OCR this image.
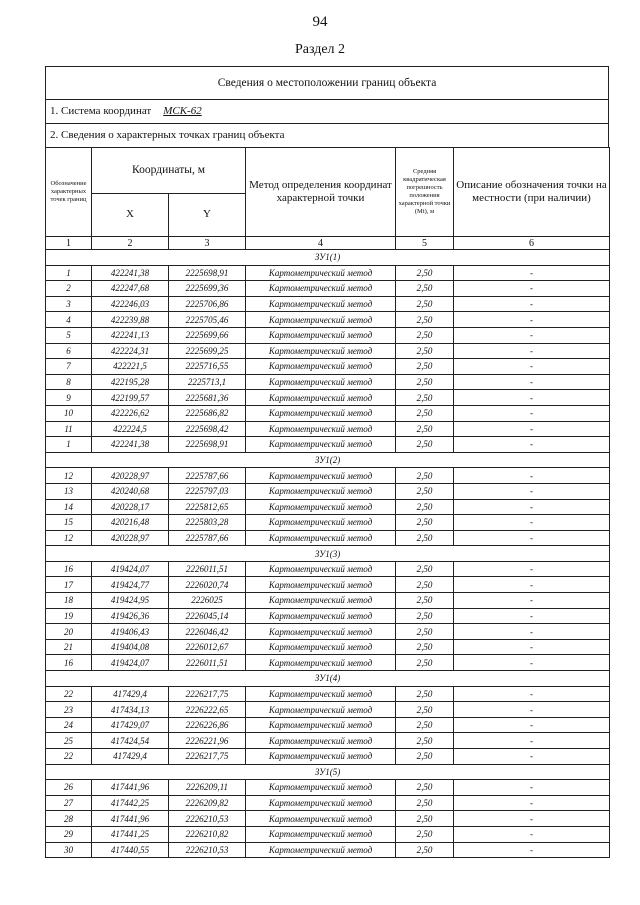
94
Раздел 2
Сведения о местоположении границ объекта
1. Система координат МСК-62
2. Сведения о характерных точках границ объекта
Обозначение характерных точек границ	Координаты, м		Метод определения координат характерной точки	Средняя квадратическая погрешность положения характерной точки (Мt), м	Описание обозначения точки на местности (при наличии)
	X	Y			
1	2	3	4	5	6
ЗУ1(1)					
1	422241,38	2225698,91	Картометрический метод	2,50	-
2	422247,68	2225699,36	Картометрический метод	2,50	-
3	422246,03	2225706,86	Картометрический метод	2,50	-
4	422239,88	2225705,46	Картометрический метод	2,50	-
5	422241,13	2225699,66	Картометрический метод	2,50	-
6	422224,31	2225699,25	Картометрический метод	2,50	-
7	422221,5	2225716,55	Картометрический метод	2,50	-
8	422195,28	2225713,1	Картометрический метод	2,50	-
9	422199,57	2225681,36	Картометрический метод	2,50	-
10	422226,62	2225686,82	Картометрический метод	2,50	-
11	422224,5	2225698,42	Картометрический метод	2,50	-
1	422241,38	2225698,91	Картометрический метод	2,50	-
ЗУ1(2)					
12	420228,97	2225787,66	Картометрический метод	2,50	-
13	420240,68	2225797,03	Картометрический метод	2,50	-
14	420228,17	2225812,65	Картометрический метод	2,50	-
15	420216,48	2225803,28	Картометрический метод	2,50	-
12	420228,97	2225787,66	Картометрический метод	2,50	-
ЗУ1(3)					
16	419424,07	2226011,51	Картометрический метод	2,50	-
17	419424,77	2226020,74	Картометрический метод	2,50	-
18	419424,95	2226025	Картометрический метод	2,50	-
19	419426,36	2226045,14	Картометрический метод	2,50	-
20	419406,43	2226046,42	Картометрический метод	2,50	-
21	419404,08	2226012,67	Картометрический метод	2,50	-
16	419424,07	2226011,51	Картометрический метод	2,50	-
ЗУ1(4)					
22	417429,4	2226217,75	Картометрический метод	2,50	-
23	417434,13	2226222,65	Картометрический метод	2,50	-
24	417429,07	2226226,86	Картометрический метод	2,50	-
25	417424,54	2226221,96	Картометрический метод	2,50	-
22	417429,4	2226217,75	Картометрический метод	2,50	-
ЗУ1(5)					
26	417441,96	2226209,11	Картометрический метод	2,50	-
27	417442,25	2226209,82	Картометрический метод	2,50	-
28	417441,96	2226210,53	Картометрический метод	2,50	-
29	417441,25	2226210,82	Картометрический метод	2,50	-
30	417440,55	2226210,53	Картометрический метод	2,50	-
